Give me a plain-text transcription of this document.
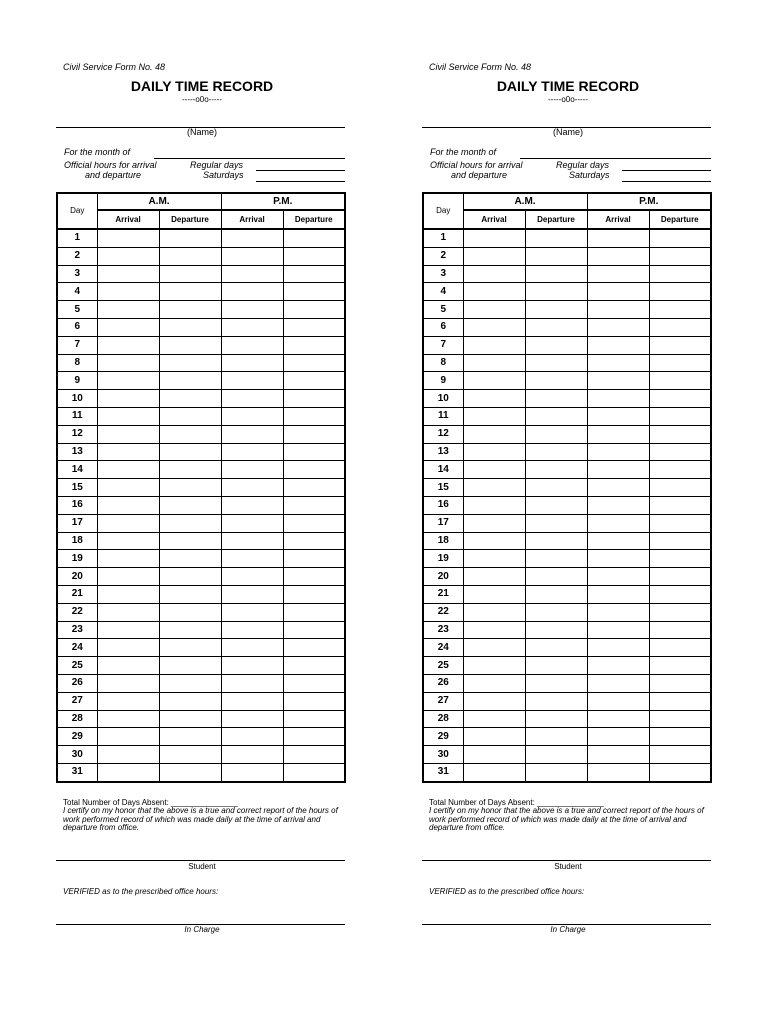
Civil Service Form No. 48
DAILY TIME RECORD
-----o0o-----
(Name)
For the month of
Official hours for arrival
and departure
Regular days
Saturdays
Day	A.M.		P.M.	
	Arrival	Departure	Arrival	Departure
1				
2				
3				
4				
5				
6				
7				
8				
9				
10				
11				
12				
13				
14				
15				
16				
17				
18				
19				
20				
21				
22				
23				
24				
25				
26				
27				
28				
29				
30				
31				
Total Number of Days Absent: _______________
I certify on my honor that the above is a true and correct report of the hours of work performed record of which was made daily at the time of arrival and departure from office.
Student
VERIFIED as to the prescribed office hours:
In Charge
Civil Service Form No. 48
DAILY TIME RECORD
-----o0o-----
(Name)
For the month of
Official hours for arrival
and departure
Regular days
Saturdays
Day	A.M.		P.M.	
	Arrival	Departure	Arrival	Departure
1				
2				
3				
4				
5				
6				
7				
8				
9				
10				
11				
12				
13				
14				
15				
16				
17				
18				
19				
20				
21				
22				
23				
24				
25				
26				
27				
28				
29				
30				
31				
Total Number of Days Absent: _______________
I certify on my honor that the above is a true and correct report of the hours of work performed record of which was made daily at the time of arrival and departure from office.
Student
VERIFIED as to the prescribed office hours:
In Charge
